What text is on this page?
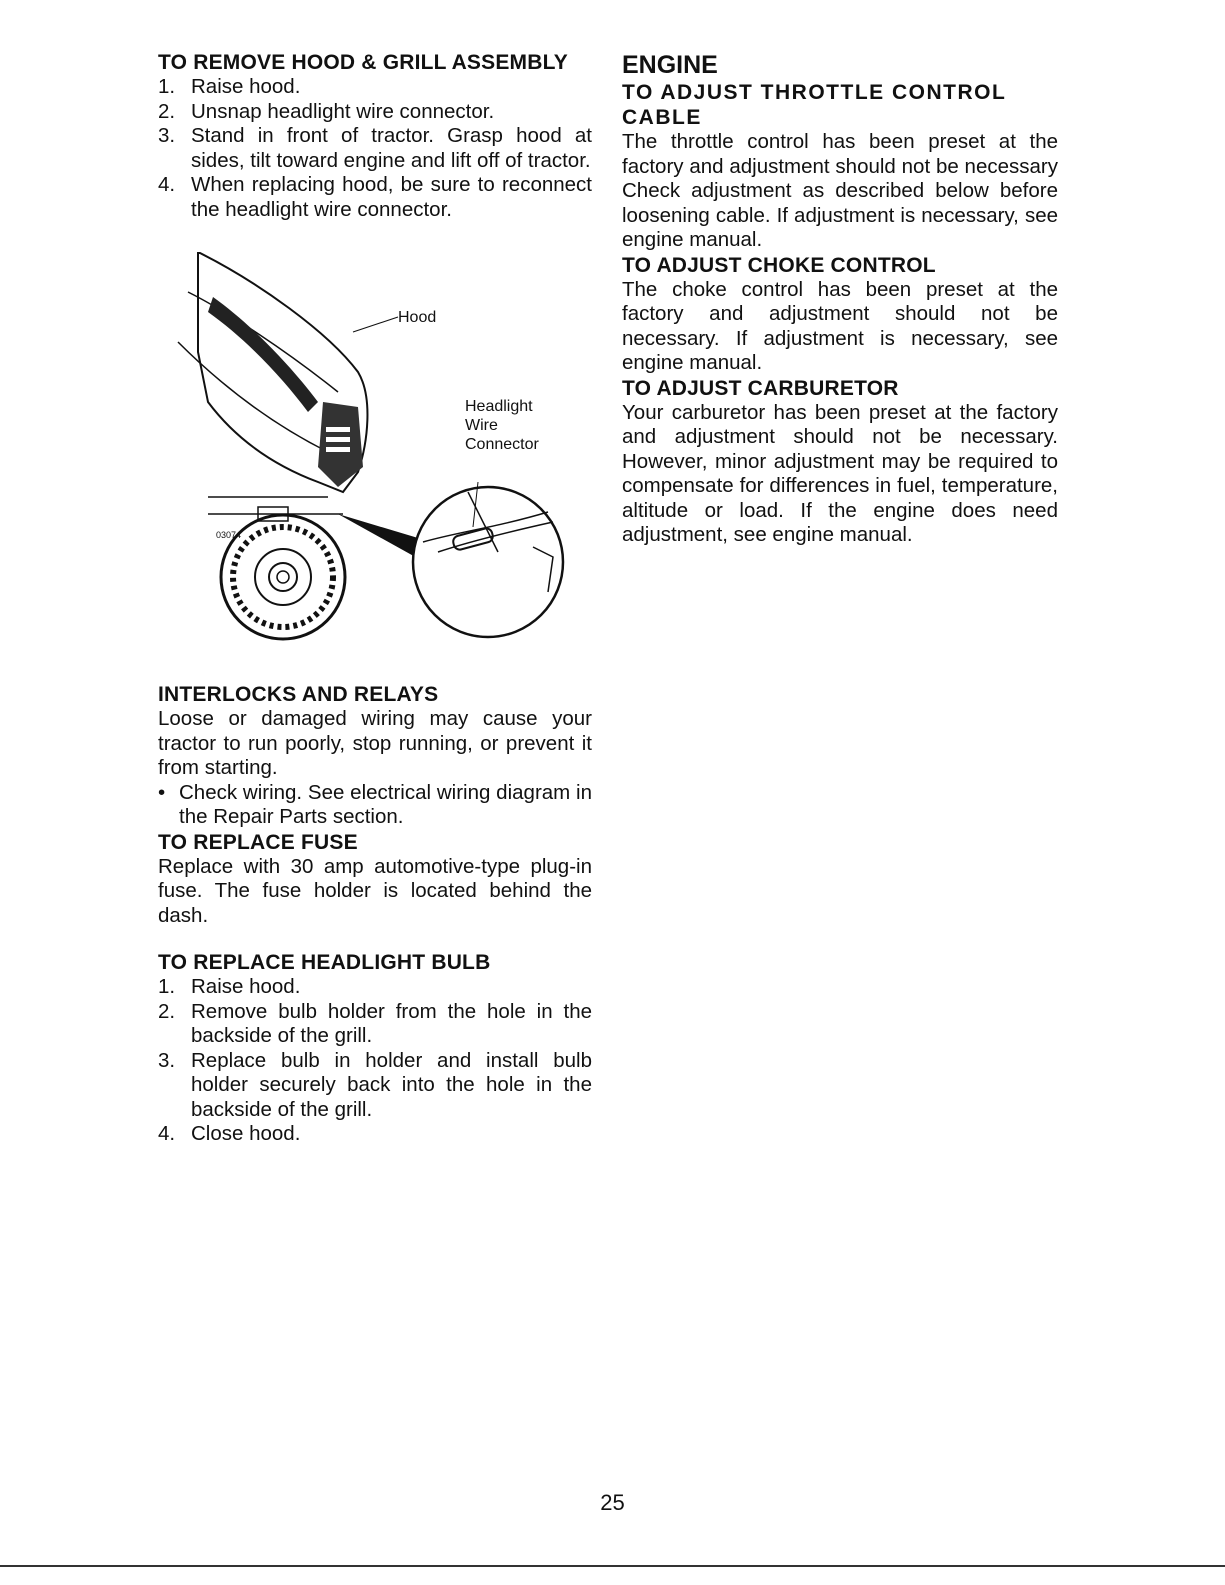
TO REMOVE HOOD & GRILL ASSEMBLY
1. Raise hood.
2. Unsnap headlight wire connector.
3. Stand in front of tractor. Grasp hood at sides, tilt toward engine and lift off of tractor.
4. When replacing hood, be sure to reconnect the headlight wire connector.
Hood
Headlight
Wire
Connector
03074
INTERLOCKS AND RELAYS

Loose or damaged wiring may cause your tractor to run poorly, stop running, or prevent it from starting.

• Check wiring. See electrical wiring diagram in the Repair Parts section.
TO REPLACE FUSE

Replace with 30 amp automotive-type plug-in fuse. The fuse holder is located behind the dash.

TO REPLACE HEADLIGHT BULB
1. Raise hood.
2. Remove bulb holder from the hole in the backside of the grill.
3. Replace bulb in holder and install bulb holder securely back into the hole in the backside of the grill.
4. Close hood.
ENGINE
TO ADJUST THROTTLE CONTROL CABLE

The throttle control has been preset at the factory and adjustment should not be necessary Check adjustment as described below before loosening cable. If adjustment is necessary, see engine manual.

TO ADJUST CHOKE CONTROL

The choke control has been preset at the factory and adjustment should not be necessary. If adjustment is necessary, see engine manual.

TO ADJUST CARBURETOR

Your carburetor has been preset at the factory and adjustment should not be necessary. However, minor adjustment may be required to compensate for differences in fuel, temperature, altitude or load. If the engine does need adjustment, see engine manual.

25
